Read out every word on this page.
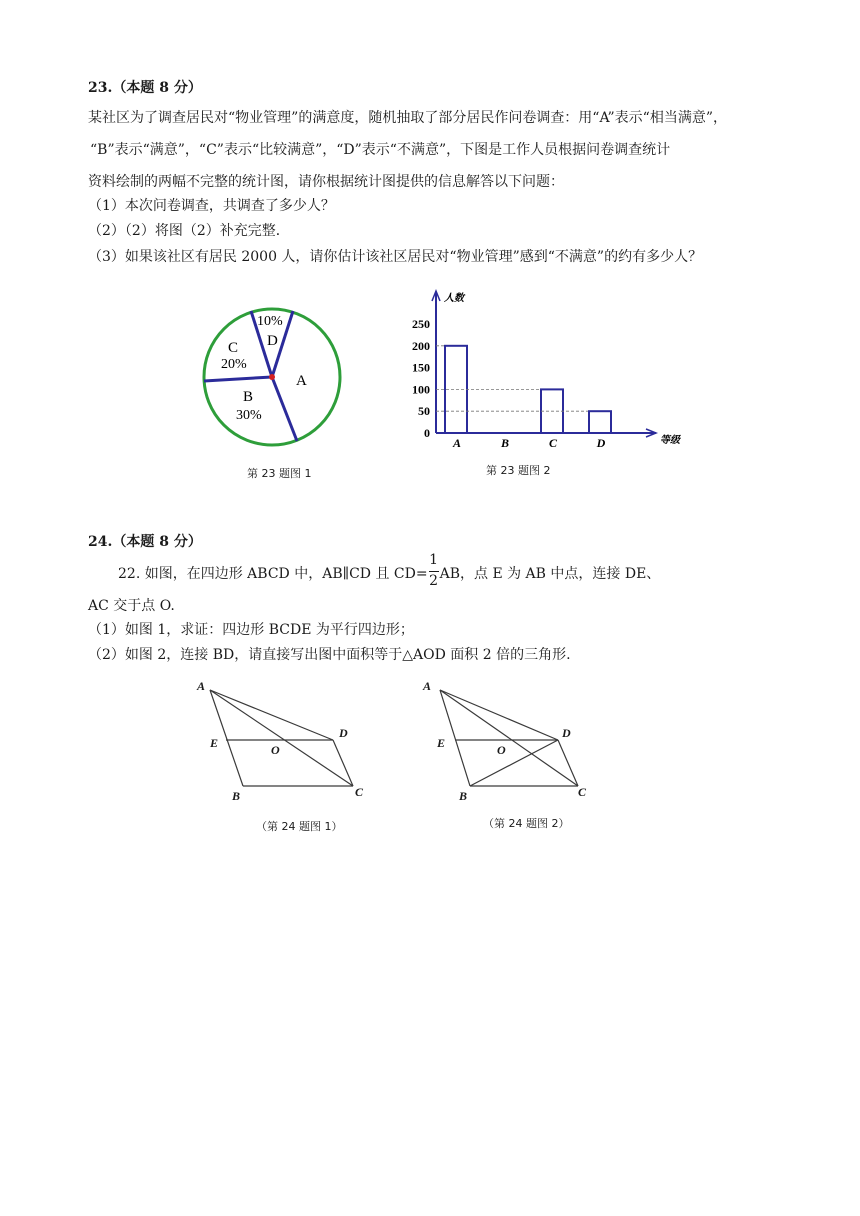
23.（本题 8 分）
某社区为了调查居民对“物业管理”的满意度，随机抽取了部分居民作问卷调查：用“A”表示“相当满意”，
“B”表示“满意”，“C”表示“比较满意”，“D”表示“不满意”，下图是工作人员根据问卷调查统计
资料绘制的两幅不完整的统计图，请你根据统计图提供的信息解答以下问题：
（1）本次问卷调查，共调查了多少人？
（2）（2）将图（2）补充完整．
（3）如果该社区有居民 2000 人，请你估计该社区居民对“物业管理”感到“不满意”的约有多少人？
10%
D
C
20%
B
30%
A
第 23 题图 1
人数
等级
0
50
100
150
200
250
A	B	C	D
第 23 题图 2
24.（本题 8 分）
22. 如图，在四边形 ABCD 中，AB∥CD 且 $CD= \frac{1}{2}$ AB，点 E 为 AB 中点，连接 DE、
AC 交于点 O.
（1）如图 1，求证：四边形 BCDE 为平行四边形；
（2）如图 2，连接 BD，请直接写出图中面积等于△AOD 面积 2 倍的三角形.
A
E	O
D
B	C
（第 24 题图 1）
A
E	O
D
B	C
（第 24 题图 2）
